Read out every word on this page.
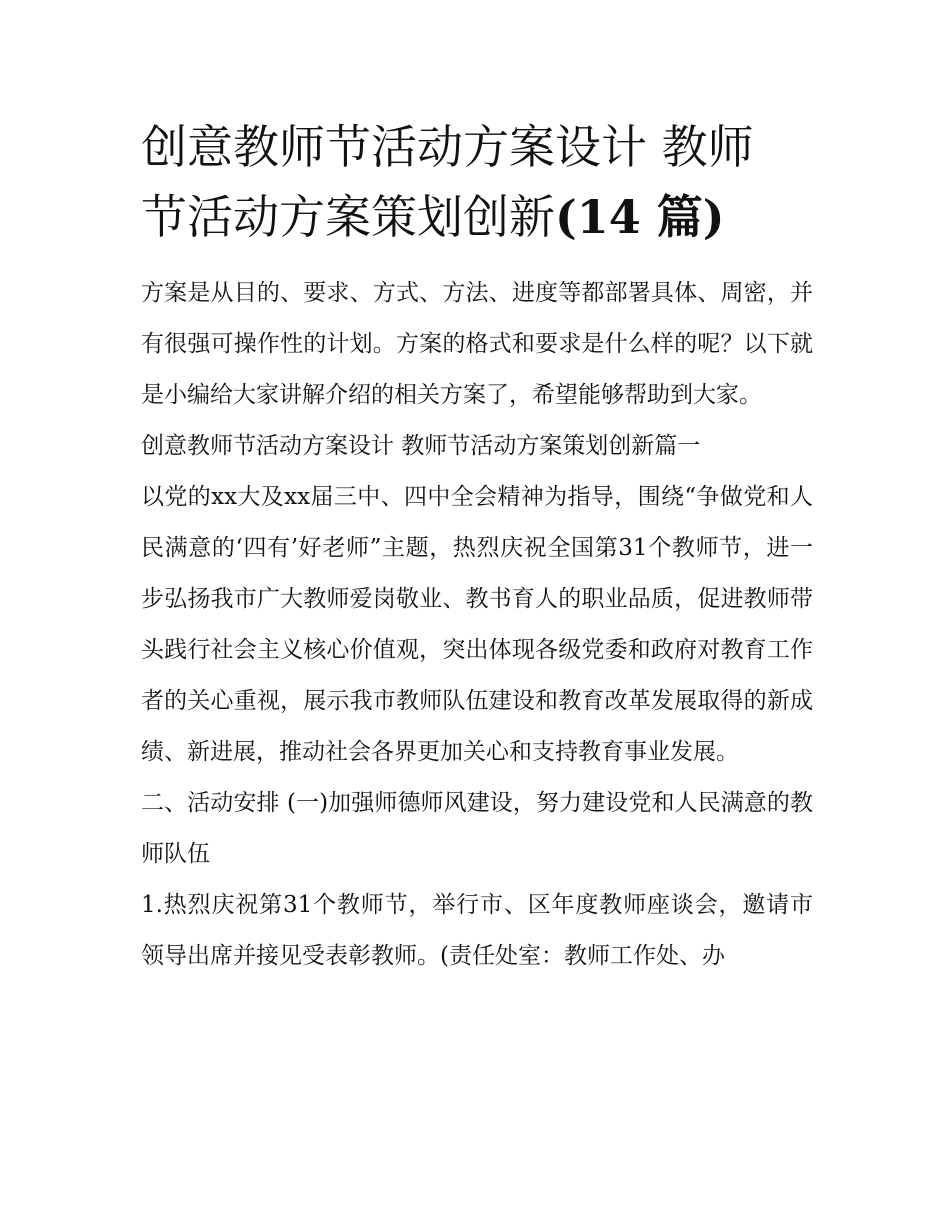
创意教师节活动方案设计 教师
节活动方案策划创新(14 篇)

方案是从目的、要求、方式、方法、进度等都部署具体、周密，并有很强可操作性的计划。方案的格式和要求是什么样的呢？以下就是小编给大家讲解介绍的相关方案了，希望能够帮助到大家。

创意教师节活动方案设计 教师节活动方案策划创新篇一

以党的xx大及xx届三中、四中全会精神为指导，围绕“争做党和人民满意的‘四有’好老师”主题，热烈庆祝全国第31个教师节，进一步弘扬我市广大教师爱岗敬业、教书育人的职业品质，促进教师带头践行社会主义核心价值观，突出体现各级党委和政府对教育工作者的关心重视，展示我市教师队伍建设和教育改革发展取得的新成绩、新进展，推动社会各界更加关心和支持教育事业发展。

二、活动安排 (一)加强师德师风建设，努力建设党和人民满意的教师队伍

1.热烈庆祝第31个教师节，举行市、区年度教师座谈会，邀请市领导出席并接见受表彰教师。(责任处室：教师工作处、办
